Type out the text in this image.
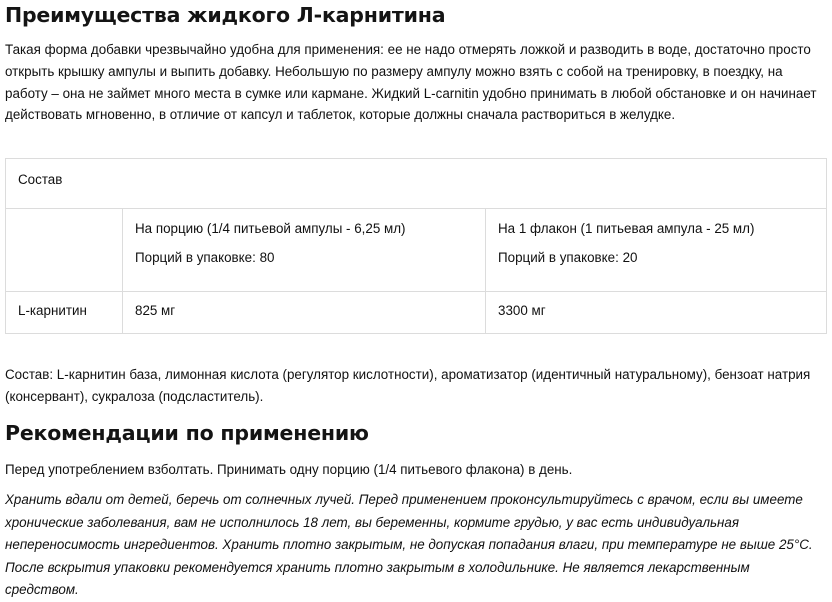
Преимущества жидкого Л-карнитина

Такая форма добавки чрезвычайно удобна для применения: ее не надо отмерять ложкой и разводить в воде, достаточно просто открыть крышку ампулы и выпить добавку. Небольшую по размеру ампулу можно взять с собой на тренировку, в поездку, на работу – она не займет много места в сумке или кармане. Жидкий L-carnitin удобно принимать в любой обстановке и он начинает действовать мгновенно, в отличие от капсул и таблеток, которые должны сначала раствориться в желудке.

Состав		

	На порцию (1/4 питьевой ампулы - 6,25 мл)
Порций в упаковке: 80	На 1 флакон (1 питьевая ампула - 25 мл)
Порций в упаковке: 20

L-карнитин	825 мг	3300 мг

Состав: L-карнитин база, лимонная кислота (регулятор кислотности), ароматизатор (идентичный натуральному), бензоат натрия (консервант), сукралоза (подсластитель).

Рекомендации по применению

Перед употреблением взболтать. Принимать одну порцию (1/4 питьевого флакона) в день.

Хранить вдали от детей, беречь от солнечных лучей. Перед применением проконсультируйтесь с врачом, если вы имеете хронические заболевания, вам не исполнилось 18 лет, вы беременны, кормите грудью, у вас есть индивидуальная непереносимость ингредиентов. Хранить плотно закрытым, не допуская попадания влаги, при температуре не выше 25°C. После вскрытия упаковки рекомендуется хранить плотно закрытым в холодильнике. Не является лекарственным средством.
